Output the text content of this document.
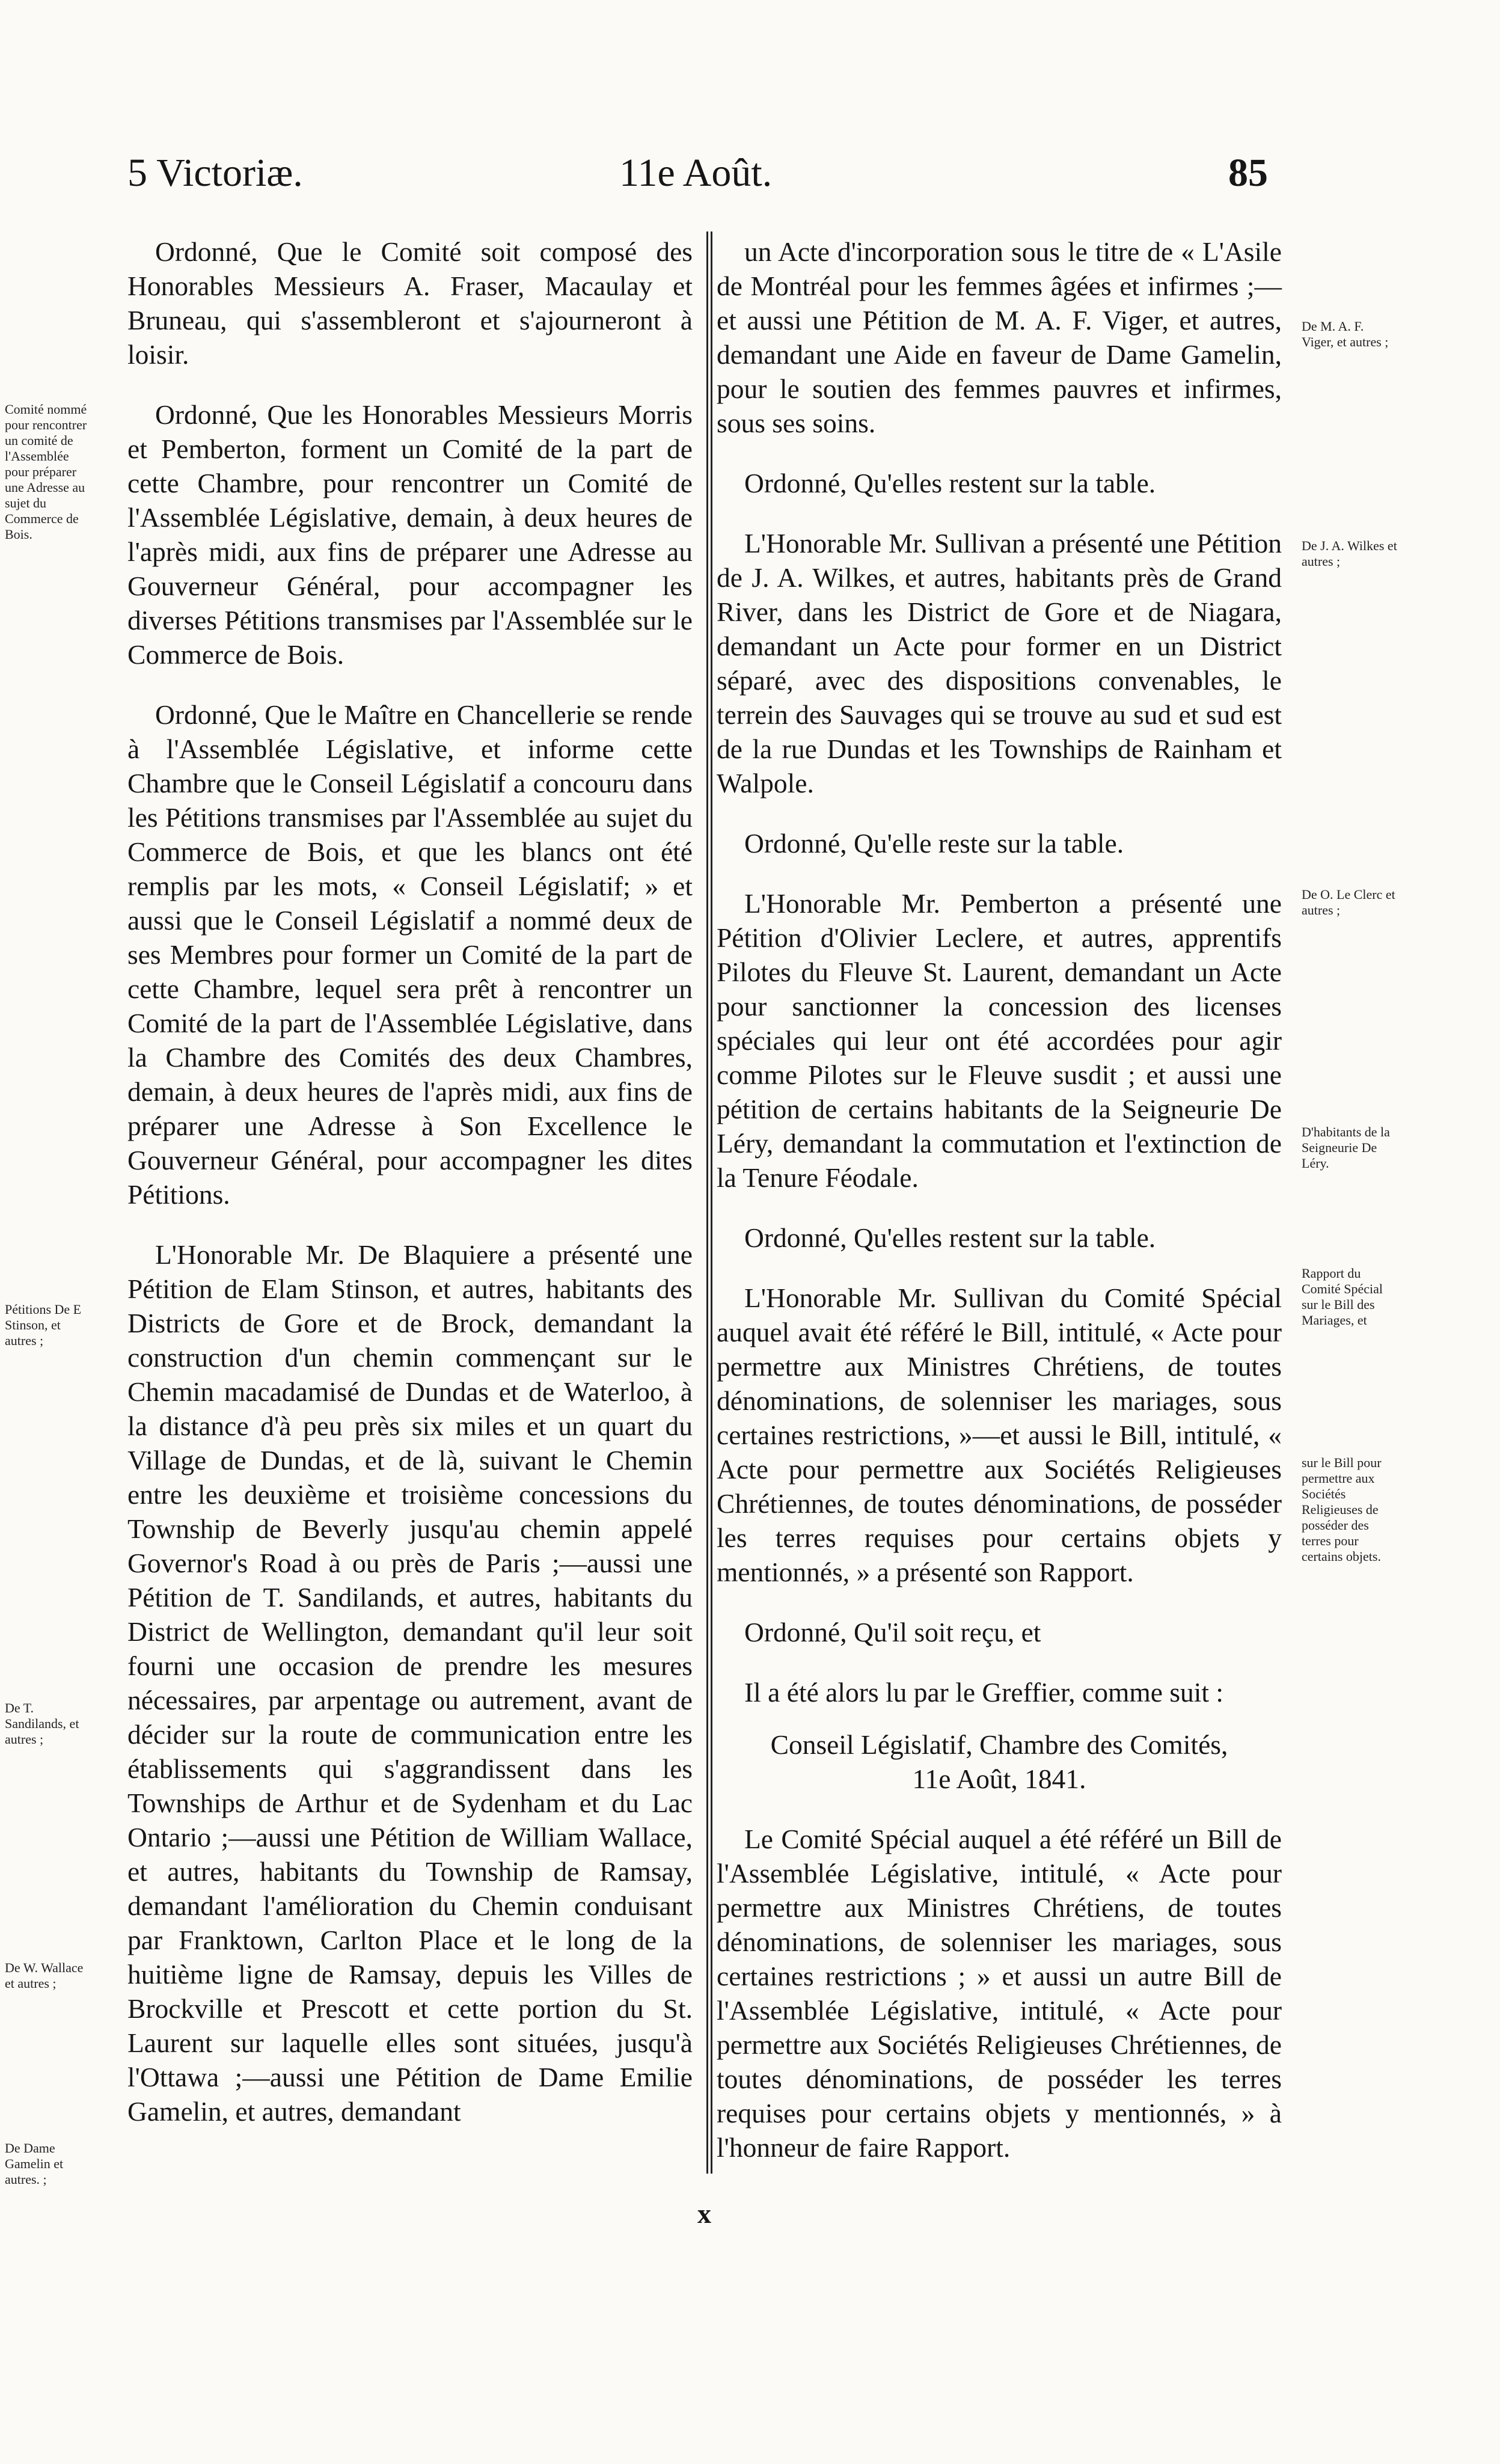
5 Victoriæ.	11e Août.	85

Ordonné, Que le Comité soit composé des Honorables Messieurs A. Fraser, Macaulay et Bruneau, qui s'assembleront et s'ajourneront à loisir.

Ordonné, Que les Honorables Messieurs Morris et Pemberton, forment un Comité de la part de cette Chambre, pour rencontrer un Comité de l'Assemblée Législative, demain, à deux heures de l'après midi, aux fins de préparer une Adresse au Gouverneur Général, pour accompagner les diverses Pétitions transmises par l'Assemblée sur le Commerce de Bois.

Ordonné, Que le Maître en Chancellerie se rende à l'Assemblée Législative, et informe cette Chambre que le Conseil Législatif a concouru dans les Pétitions transmises par l'Assemblée au sujet du Commerce de Bois, et que les blancs ont été remplis par les mots, « Conseil Législatif; » et aussi que le Conseil Législatif a nommé deux de ses Membres pour former un Comité de la part de cette Chambre, lequel sera prêt à rencontrer un Comité de la part de l'Assemblée Législative, dans la Chambre des Comités des deux Chambres, demain, à deux heures de l'après midi, aux fins de préparer une Adresse à Son Excellence le Gouverneur Général, pour accompagner les dites Pétitions.

L'Honorable Mr. De Blaquiere a présenté une Pétition de Elam Stinson, et autres, habitants des Districts de Gore et de Brock, demandant la construction d'un chemin commençant sur le Chemin macadamisé de Dundas et de Waterloo, à la distance d'à peu près six miles et un quart du Village de Dundas, et de là, suivant le Chemin entre les deuxième et troisième concessions du Township de Beverly jusqu'au chemin appelé Governor's Road à ou près de Paris ;—aussi une Pétition de T. Sandilands, et autres, habitants du District de Wellington, demandant qu'il leur soit fourni une occasion de prendre les mesures nécessaires, par arpentage ou autrement, avant de décider sur la route de communication entre les établissements qui s'aggrandissent dans les Townships de Arthur et de Sydenham et du Lac Ontario ;—aussi une Pétition de William Wallace, et autres, habitants du Township de Ramsay, demandant l'amélioration du Chemin conduisant par Franktown, Carlton Place et le long de la huitième ligne de Ramsay, depuis les Villes de Brockville et Prescott et cette portion du St. Laurent sur laquelle elles sont situées, jusqu'à l'Ottawa ;—aussi une Pétition de Dame Emilie Gamelin, et autres, demandant

un Acte d'incorporation sous le titre de « L'Asile de Montréal pour les femmes âgées et infirmes ;—et aussi une Pétition de M. A. F. Viger, et autres, demandant une Aide en faveur de Dame Gamelin, pour le soutien des femmes pauvres et infirmes, sous ses soins.

Ordonné, Qu'elles restent sur la table.

L'Honorable Mr. Sullivan a présenté une Pétition de J. A. Wilkes, et autres, habitants près de Grand River, dans les District de Gore et de Niagara, demandant un Acte pour former en un District séparé, avec des dispositions convenables, le terrein des Sauvages qui se trouve au sud et sud est de la rue Dundas et les Townships de Rainham et Walpole.

Ordonné, Qu'elle reste sur la table.

L'Honorable Mr. Pemberton a présenté une Pétition d'Olivier Leclere, et autres, apprentifs Pilotes du Fleuve St. Laurent, demandant un Acte pour sanctionner la concession des licenses spéciales qui leur ont été accordées pour agir comme Pilotes sur le Fleuve susdit ; et aussi une pétition de certains habitants de la Seigneurie De Léry, demandant la commutation et l'extinction de la Tenure Féodale.

Ordonné, Qu'elles restent sur la table.

L'Honorable Mr. Sullivan du Comité Spécial auquel avait été référé le Bill, intitulé, « Acte pour permettre aux Ministres Chrétiens, de toutes dénominations, de solenniser les mariages, sous certaines restrictions, »—et aussi le Bill, intitulé, « Acte pour permettre aux Sociétés Religieuses Chrétiennes, de toutes dénominations, de posséder les terres requises pour certains objets y mentionnés, » a présenté son Rapport.

Ordonné, Qu'il soit reçu, et

Il a été alors lu par le Greffier, comme suit :

Conseil Législatif, Chambre des Comités,

11e Août, 1841.

Le Comité Spécial auquel a été référé un Bill de l'Assemblée Législative, intitulé, « Acte pour permettre aux Ministres Chrétiens, de toutes dénominations, de solenniser les mariages, sous certaines restrictions ; » et aussi un autre Bill de l'Assemblée Législative, intitulé, « Acte pour permettre aux Sociétés Religieuses Chrétiennes, de toutes dénominations, de posséder les terres requises pour certains objets y mentionnés, » à l'honneur de faire Rapport.

Comité nommé pour rencontrer un comité de l'Assemblée pour préparer une Adresse au sujet du Commerce de Bois.
Pétitions De E Stinson, et autres ;
De T. Sandilands, et autres ;
De W. Wallace et autres ;
De Dame Gamelin et autres. ;
De M. A. F. Viger, et autres ;
De J. A. Wilkes et autres ;
De O. Le Clerc et autres ;
D'habitants de la Seigneurie De Léry.
Rapport du Comité Spécial sur le Bill des Mariages, et
sur le Bill pour permettre aux Sociétés Religieuses de posséder des terres pour certains objets.
x
